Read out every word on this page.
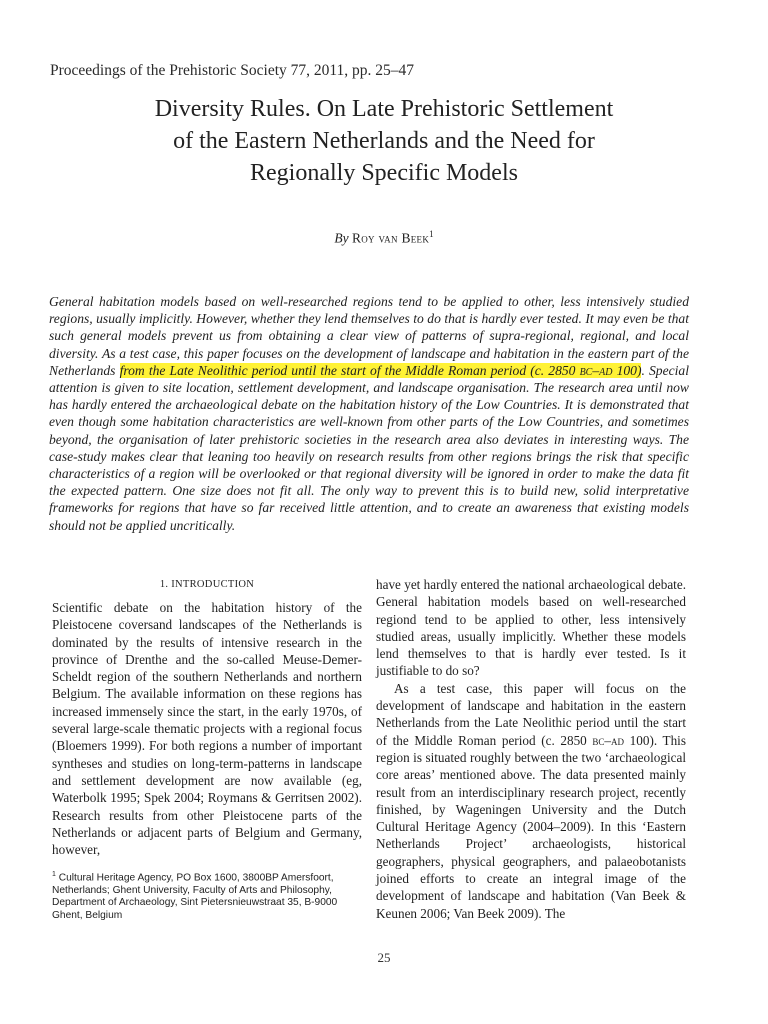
Proceedings of the Prehistoric Society 77, 2011, pp. 25–47
Diversity Rules. On Late Prehistoric Settlement
of the Eastern Netherlands and the Need for
Regionally Specific Models
By Roy van Beek$^1$

General habitation models based on well-researched regions tend to be applied to other, less intensively studied regions, usually implicitly. However, whether they lend themselves to do that is hardly ever tested. It may even be that such general models prevent us from obtaining a clear view of patterns of supra-regional, regional, and local diversity. As a test case, this paper focuses on the development of landscape and habitation in the eastern part of the Netherlands from the Late Neolithic period until the start of the Middle Roman period (c. 2850 bc–ad 100). Special attention is given to site location, settlement development, and landscape organisation. The research area until now has hardly entered the archaeological debate on the habitation history of the Low Countries. It is demonstrated that even though some habitation characteristics are well-known from other parts of the Low Countries, and sometimes beyond, the organisation of later prehistoric societies in the research area also deviates in interesting ways. The case-study makes clear that leaning too heavily on research results from other regions brings the risk that specific characteristics of a region will be overlooked or that regional diversity will be ignored in order to make the data fit the expected pattern. One size does not fit all. The only way to prevent this is to build new, solid interpretative frameworks for regions that have so far received little attention, and to create an awareness that existing models should not be applied uncritically.

1. INTRODUCTION

Scientific debate on the habitation history of the Pleistocene coversand landscapes of the Netherlands is dominated by the results of intensive research in the province of Drenthe and the so-called Meuse-Demer-Scheldt region of the southern Netherlands and northern Belgium. The available information on these regions has increased immensely since the start, in the early 1970s, of several large-scale thematic projects with a regional focus (Bloemers 1999). For both regions a number of important syntheses and studies on long-term-patterns in landscape and settlement development are now available (eg, Waterbolk 1995; Spek 2004; Roymans & Gerritsen 2002). Research results from other Pleistocene parts of the Netherlands or adjacent parts of Belgium and Germany, however,

have yet hardly entered the national archaeological debate. General habitation models based on well-researched regiond tend to be applied to other, less intensively studied areas, usually implicitly. Whether these models lend themselves to that is hardly ever tested. Is it justifiable to do so?

As a test case, this paper will focus on the development of landscape and habitation in the eastern Netherlands from the Late Neolithic period until the start of the Middle Roman period (c. 2850 bc–ad 100). This region is situated roughly between the two ‘archaeological core areas’ mentioned above. The data presented mainly result from an interdisciplinary research project, recently finished, by Wageningen University and the Dutch Cultural Heritage Agency (2004–2009). In this ‘Eastern Netherlands Project’ archaeologists, historical geographers, physical geographers, and palaeobotanists joined efforts to create an integral image of the development of landscape and habitation (Van Beek & Keunen 2006; Van Beek 2009). The

$^1$ Cultural Heritage Agency, PO Box 1600, 3800BP Amersfoort, Netherlands; Ghent University, Faculty of Arts and Philosophy, Department of Archaeology, Sint Pietersnieuwstraat 35, B-9000 Ghent, Belgium

25
